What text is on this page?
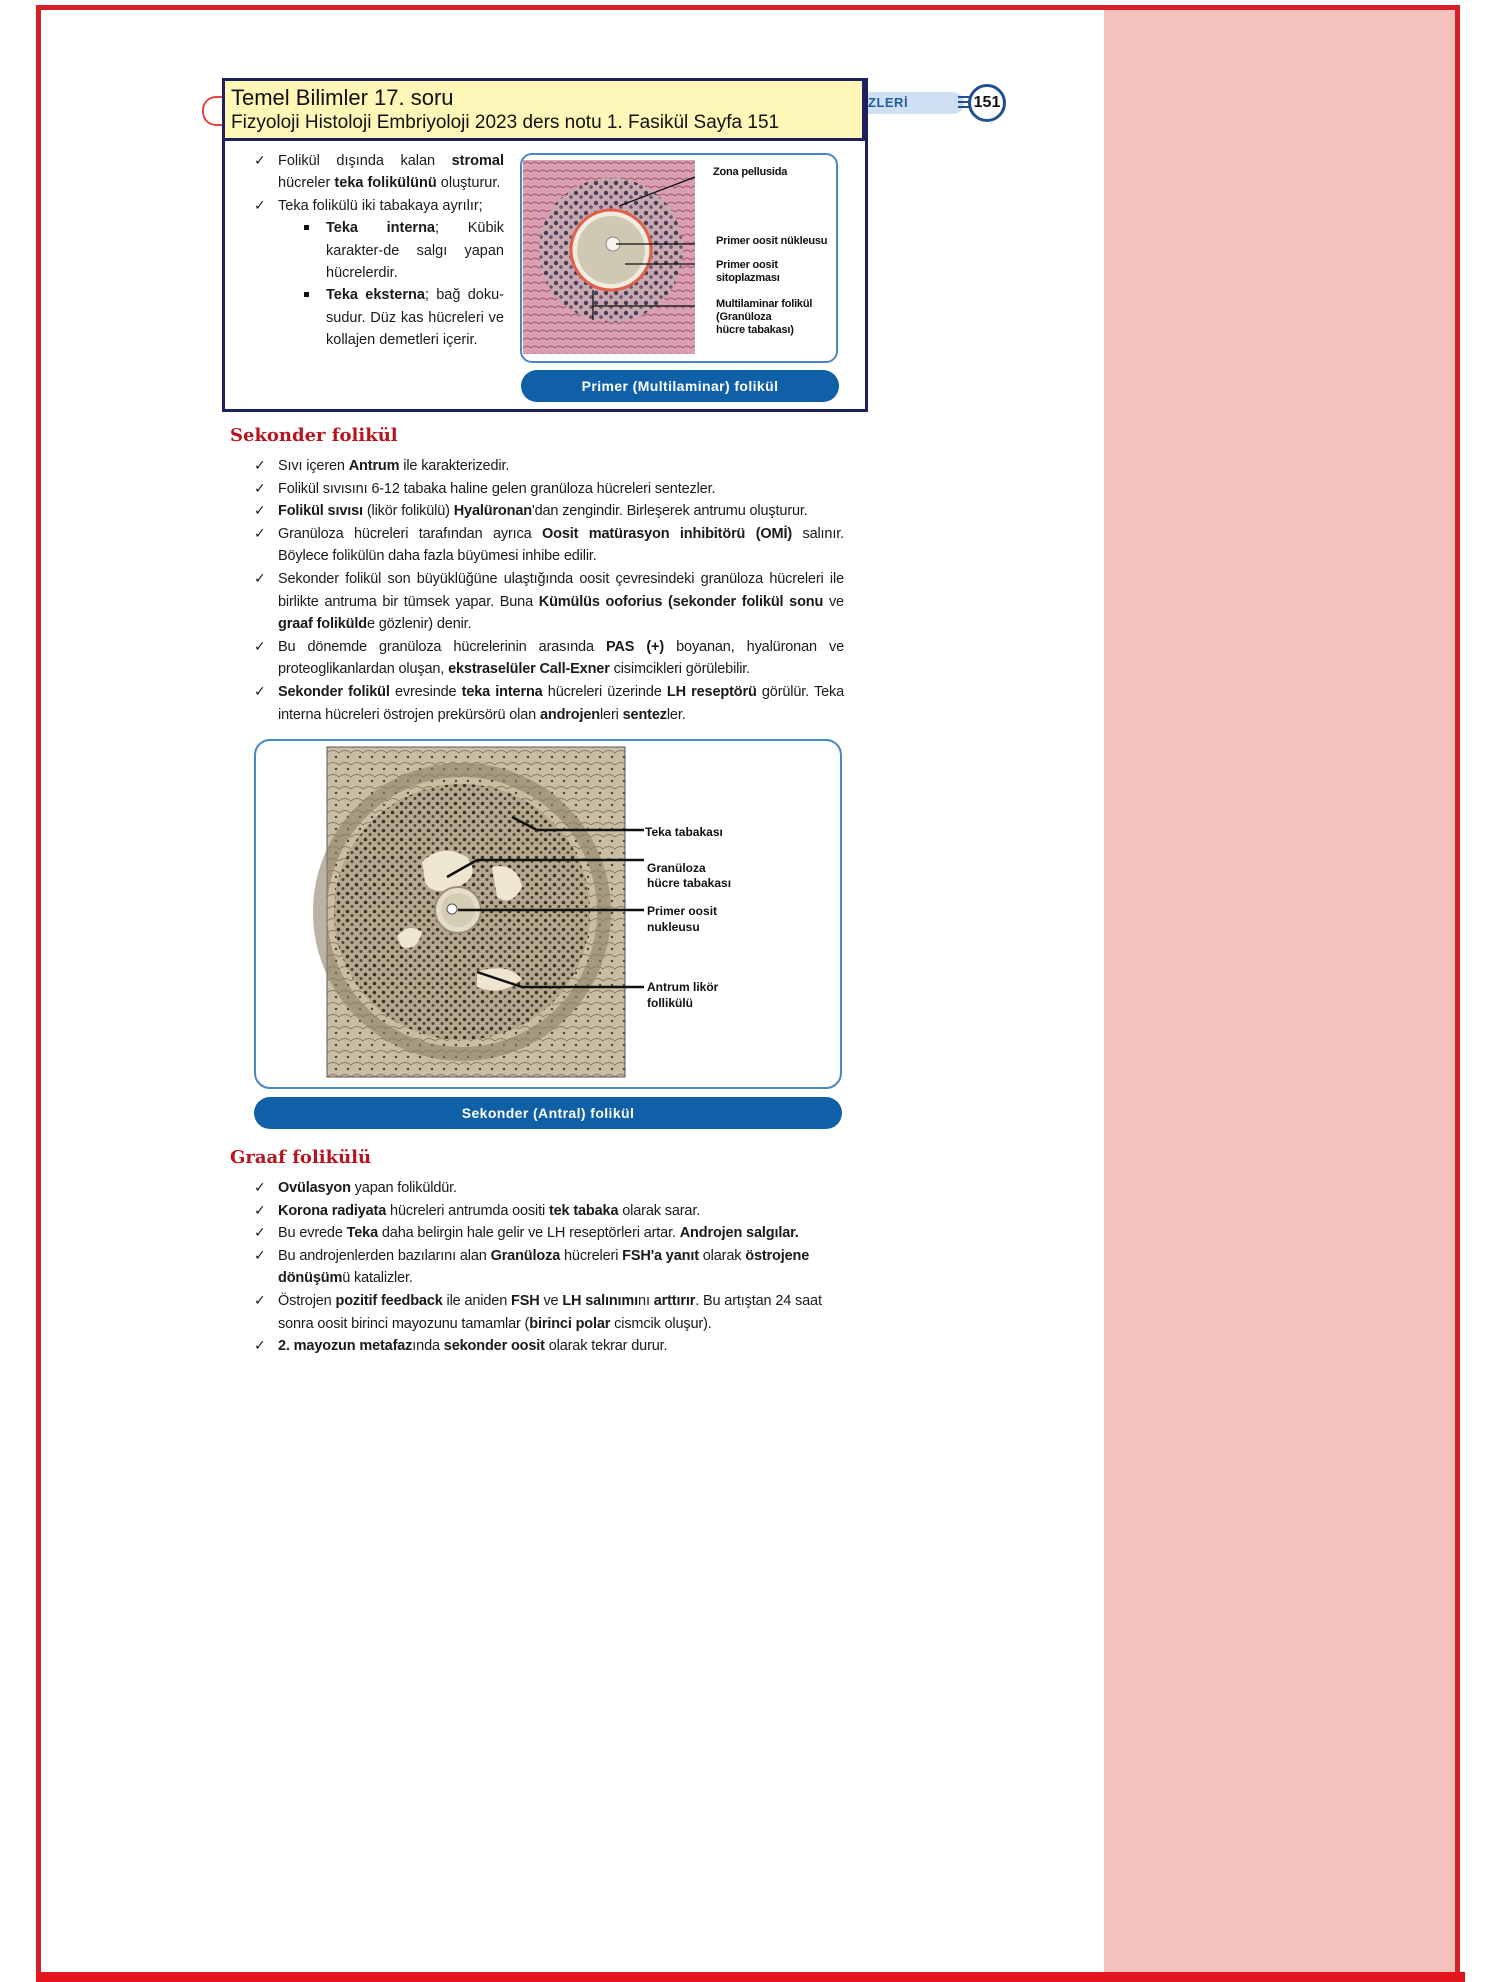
ZLERİ	151
Temel Bilimler 17. soru
Fizyoloji Histoloji Embriyoloji 2023 ders notu 1. Fasikül Sayfa 151
✓ Folikül dışında kalan stromal hücreler teka folikülünü oluşturur.
✓ Teka folikülü iki tabakaya ayrılır;
Teka interna; Kübik karakter-de salgı yapan hücrelerdir.
Teka eksterna; bağ doku-sudur. Düz kas hücreleri ve kollajen demetleri içerir.
Zona pellusida
Primer oosit nükleusu
Primer oosit
sitoplazması
Multilaminar folikül
(Granüloza
hücre tabakası)
Primer (Multilaminar) folikül
Sekonder folikül
✓ Sıvı içeren Antrum ile karakterizedir.
✓ Folikül sıvısını 6-12 tabaka haline gelen granüloza hücreleri sentezler.
✓ Folikül sıvısı (likör folikülü) Hyalüronan'dan zengindir. Birleşerek antrumu oluşturur.
✓ Granüloza hücreleri tarafından ayrıca Oosit matürasyon inhibitörü (OMİ) salınır. Böylece folikülün daha fazla büyümesi inhibe edilir.
✓ Sekonder folikül son büyüklüğüne ulaştığında oosit çevresindeki granüloza hücreleri ile birlikte antruma bir tümsek yapar. Buna Kümülüs ooforius (sekonder folikül sonu ve graaf folikülde gözlenir) denir.
✓ Bu dönemde granüloza hücrelerinin arasında PAS (+) boyanan, hyalüronan ve proteoglikanlardan oluşan, ekstraselüler Call-Exner cisimcikleri görülebilir.
✓ Sekonder folikül evresinde teka interna hücreleri üzerinde LH reseptörü görülür. Teka interna hücreleri östrojen prekürsörü olan androjenleri sentezler.
Teka tabakası
Granüloza
hücre tabakası
Primer oosit
nukleusu
Antrum likör
follikülü
Sekonder (Antral) folikül
Graaf folikülü
✓ Ovülasyon yapan foliküldür.
✓ Korona radiyata hücreleri antrumda oositi tek tabaka olarak sarar.
✓ Bu evrede Teka daha belirgin hale gelir ve LH reseptörleri artar. Androjen salgılar.
✓ Bu androjenlerden bazılarını alan Granüloza hücreleri FSH'a yanıt olarak östrojene dönüşümü katalizler.
✓ Östrojen pozitif feedback ile aniden FSH ve LH salınımını arttırır. Bu artıştan 24 saat sonra oosit birinci mayozunu tamamlar (birinci polar cismcik oluşur).
✓ 2. mayozun metafazında sekonder oosit olarak tekrar durur.
